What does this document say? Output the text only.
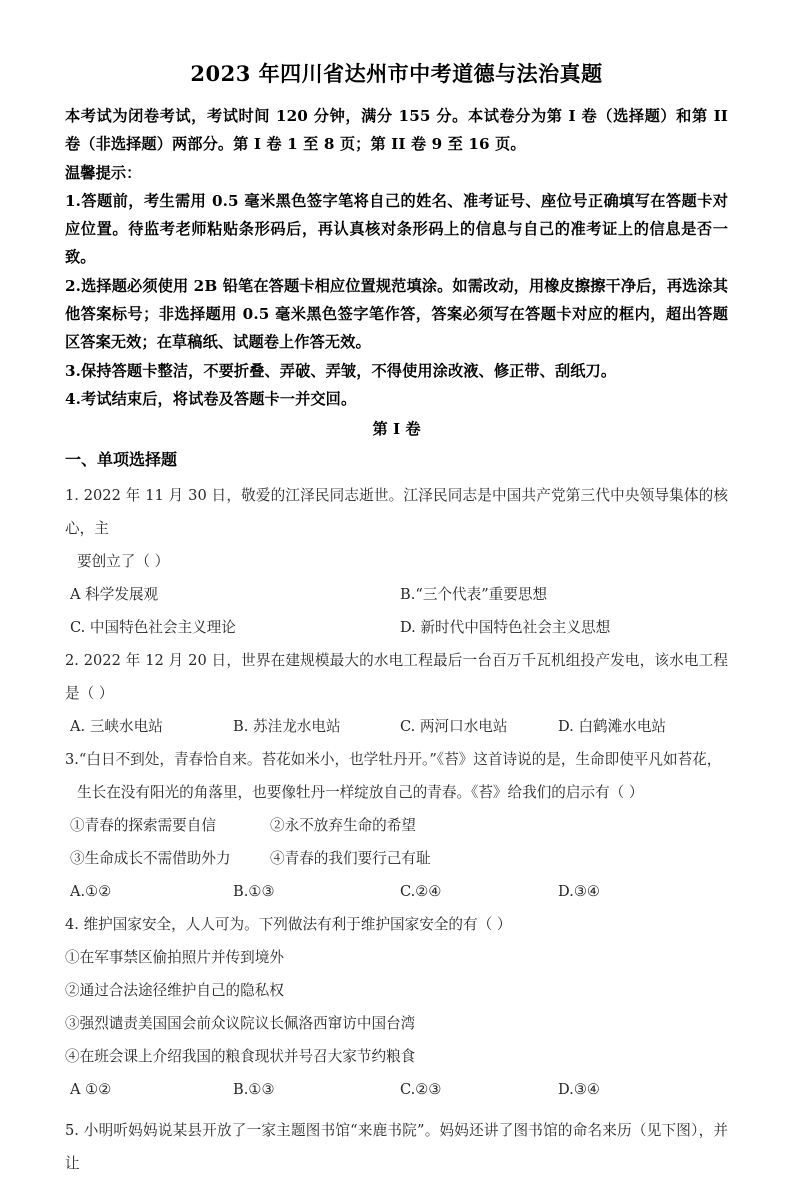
2023 年四川省达州市中考道德与法治真题

本考试为闭卷考试，考试时间 120 分钟，满分 155 分。本试卷分为第 I 卷（选择题）和第 II 卷（非选择题）两部分。第 I 卷 1 至 8 页；第 II 卷 9 至 16 页。

温馨提示：

1.答题前，考生需用 0.5 毫米黑色签字笔将自己的姓名、准考证号、座位号正确填写在答题卡对应位置。待监考老师粘贴条形码后，再认真核对条形码上的信息与自己的准考证上的信息是否一致。

2.选择题必须使用 2B 铅笔在答题卡相应位置规范填涂。如需改动，用橡皮擦擦干净后，再选涂其他答案标号；非选择题用 0.5 毫米黑色签字笔作答，答案必须写在答题卡对应的框内，超出答题区答案无效；在草稿纸、试题卷上作答无效。

3.保持答题卡整洁，不要折叠、弄破、弄皱，不得使用涂改液、修正带、刮纸刀。

4.考试结束后，将试卷及答题卡一并交回。

第 I 卷
一、单项选择题

1. 2022 年 11 月 30 日，敬爱的江泽民同志逝世。江泽民同志是中国共产党第三代中央领导集体的核心，主

要创立了（ ）

A 科学发展观	B.“三个代表”重要思想
C. 中国特色社会主义理论	D. 新时代中国特色社会主义思想

2. 2022 年 12 月 20 日，世界在建规模最大的水电工程最后一台百万千瓦机组投产发电，该水电工程是（ ）

A. 三峡水电站	B. 苏洼龙水电站	C. 两河口水电站	D. 白鹤滩水电站

3.“白日不到处，青春恰自来。苔花如米小，也学牡丹开。”《苔》这首诗说的是，生命即使平凡如苔花，

生长在没有阳光的角落里，也要像牡丹一样绽放自己的青春。《苔》给我们的启示有（ ）

①青春的探索需要自信	②永不放弃生命的希望
③生命成长不需借助外力	④青春的我们要行己有耻
A.①②	B.①③	C.②④	D.③④

4. 维护国家安全，人人可为。下列做法有利于维护国家安全的有（ ）

①在军事禁区偷拍照片并传到境外

②通过合法途径维护自己的隐私权

③强烈谴责美国国会前众议院议长佩洛西窜访中国台湾

④在班会课上介绍我国的粮食现状并号召大家节约粮食

A ①②	B.①③	C.②③	D.③④

5. 小明听妈妈说某县开放了一家主题图书馆“来鹿书院”。妈妈还讲了图书馆的命名来历（见下图），并让
